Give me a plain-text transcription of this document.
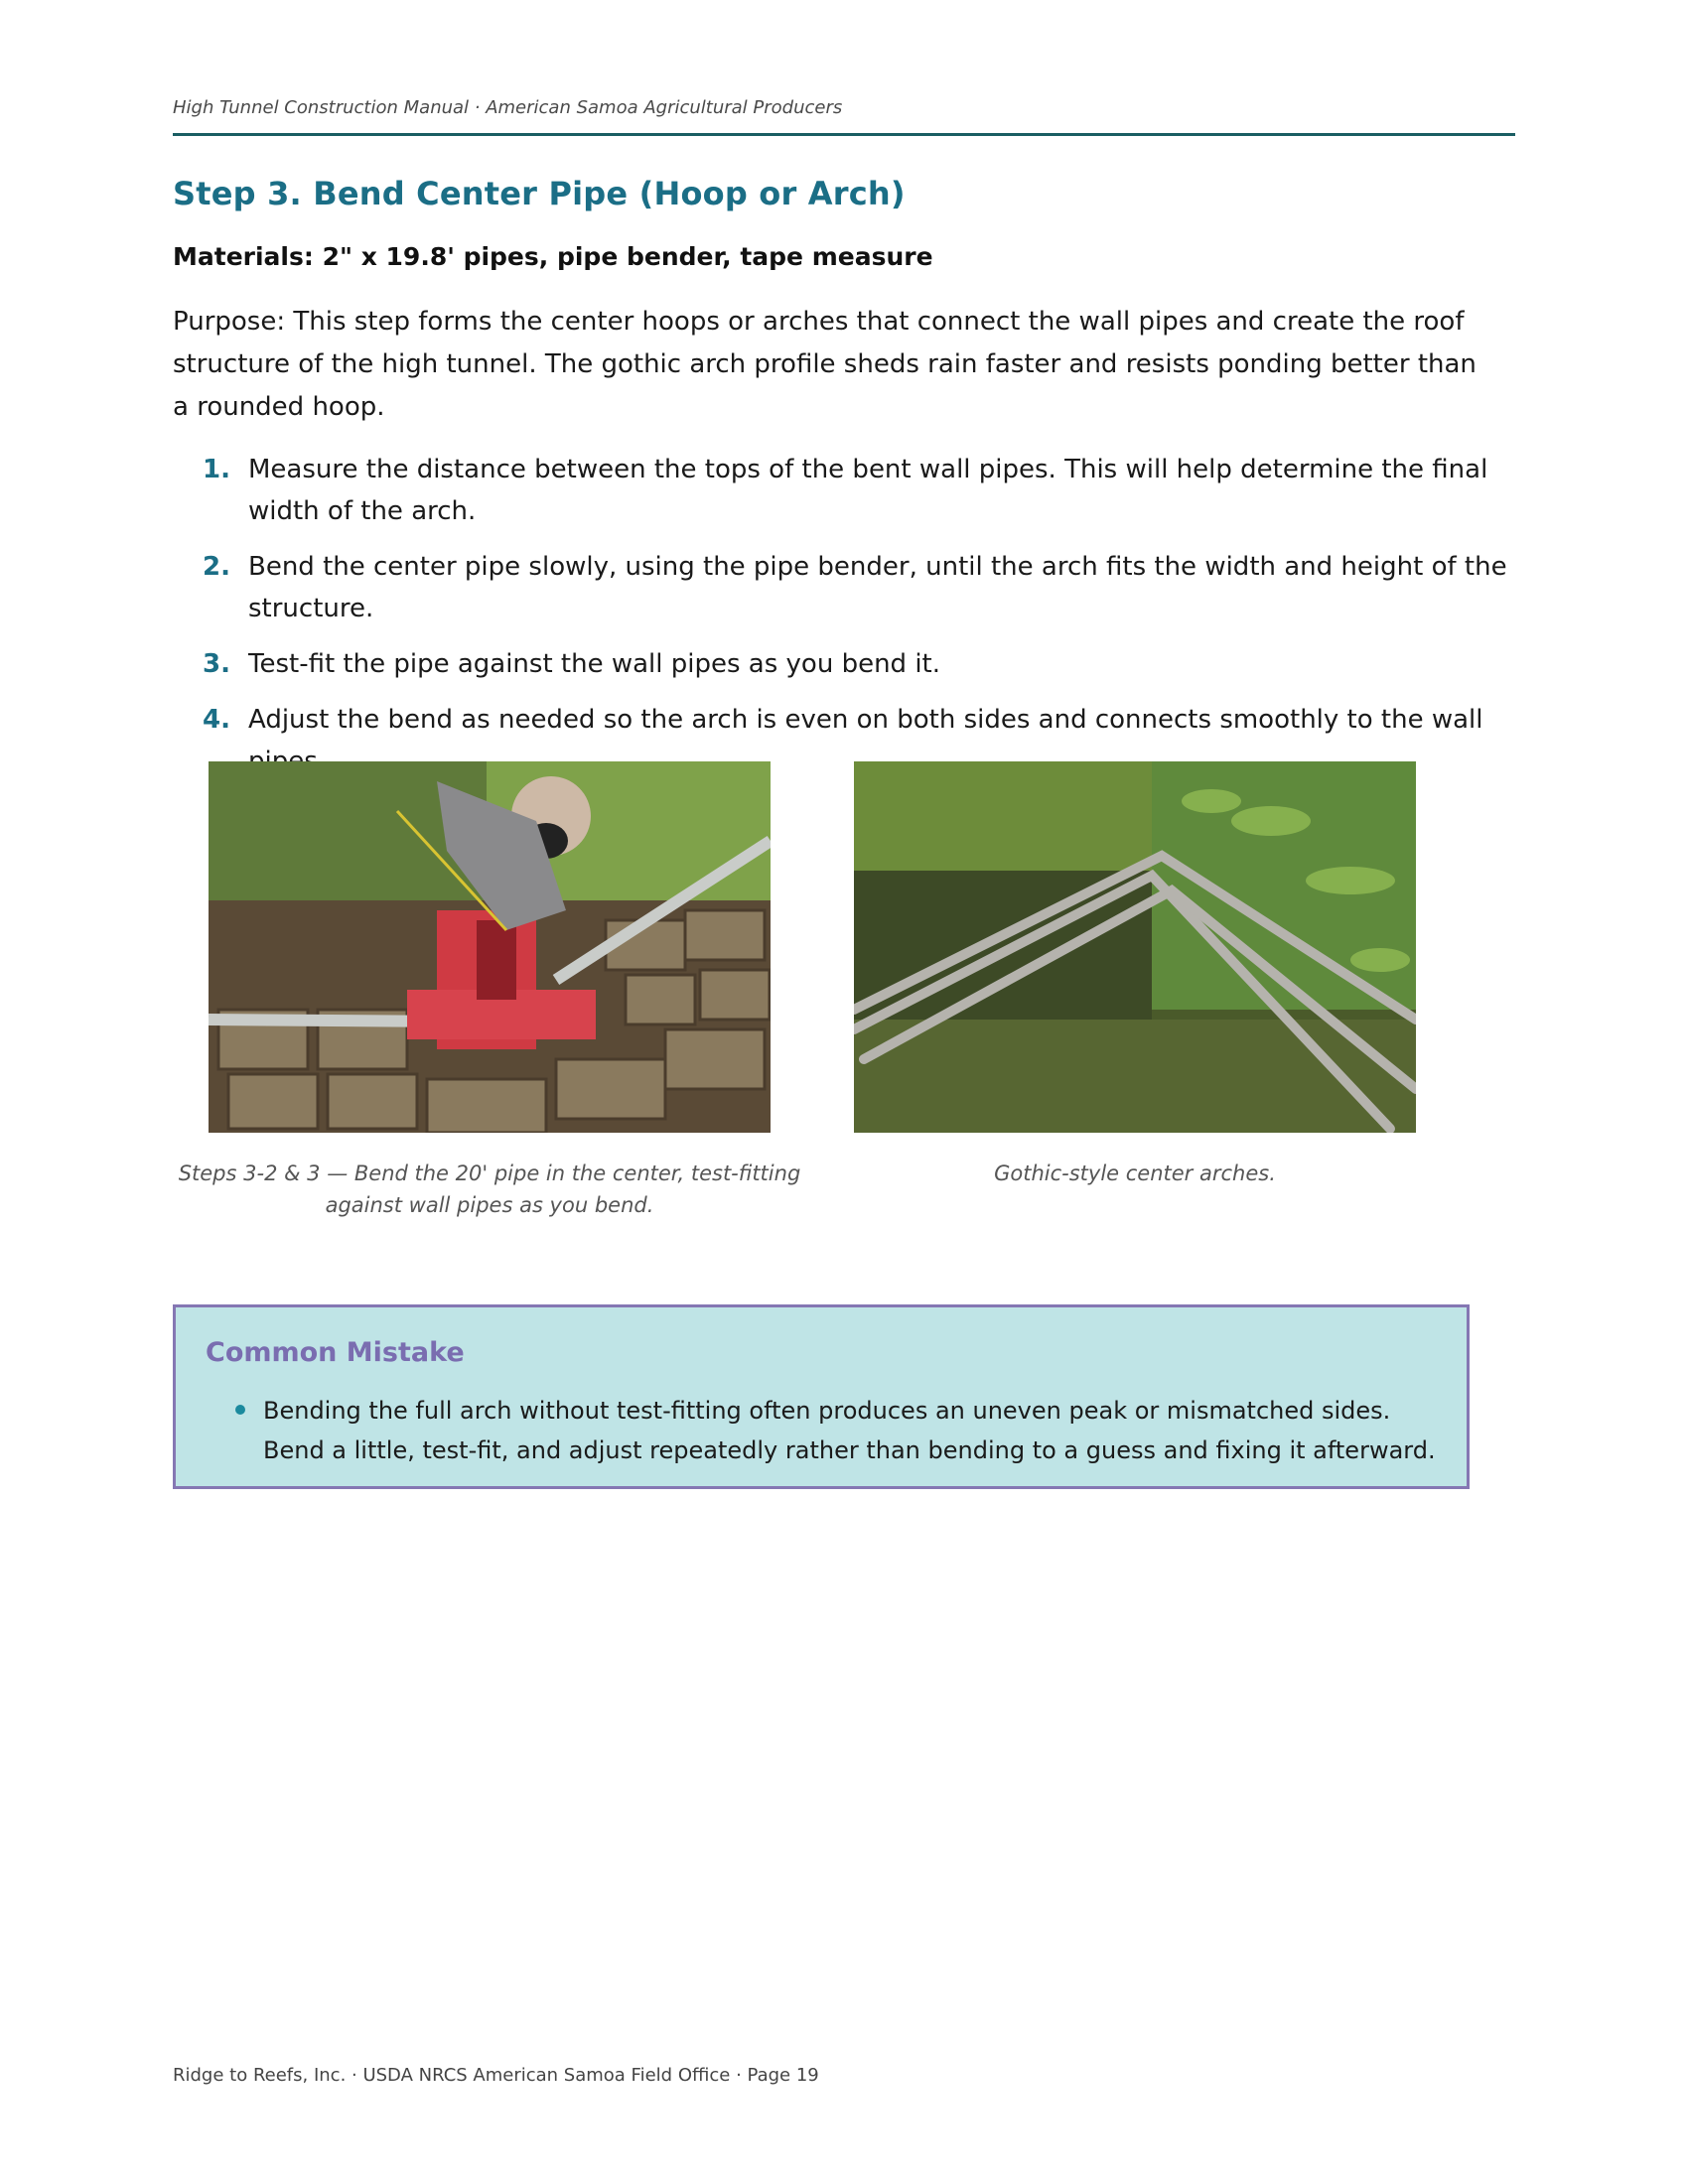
High Tunnel Construction Manual · American Samoa Agricultural Producers
Step 3. Bend Center Pipe (Hoop or Arch)

Materials: 2" x 19.8' pipes, pipe bender, tape measure

Purpose: This step forms the center hoops or arches that connect the wall pipes and create the roof structure of the high tunnel. The gothic arch profile sheds rain faster and resists ponding better than a rounded hoop.

1. Measure the distance between the tops of the bent wall pipes. This will help determine the final width of the arch.
2. Bend the center pipe slowly, using the pipe bender, until the arch fits the width and height of the structure.
3. Test-fit the pipe against the wall pipes as you bend it.
4. Adjust the bend as needed so the arch is even on both sides and connects smoothly to the wall
Steps 3-2 & 3 — Bend the 20' pipe in the center, test-fitting against wall pipes as you bend.
Gothic-style center arches.
Common Mistake

Bending the full arch without test-fitting often produces an uneven peak or mismatched sides. Bend a little, test-fit, and adjust repeatedly rather than bending to a guess and fixing it afterward.

Ridge to Reefs, Inc. · USDA NRCS American Samoa Field Office · Page 19
